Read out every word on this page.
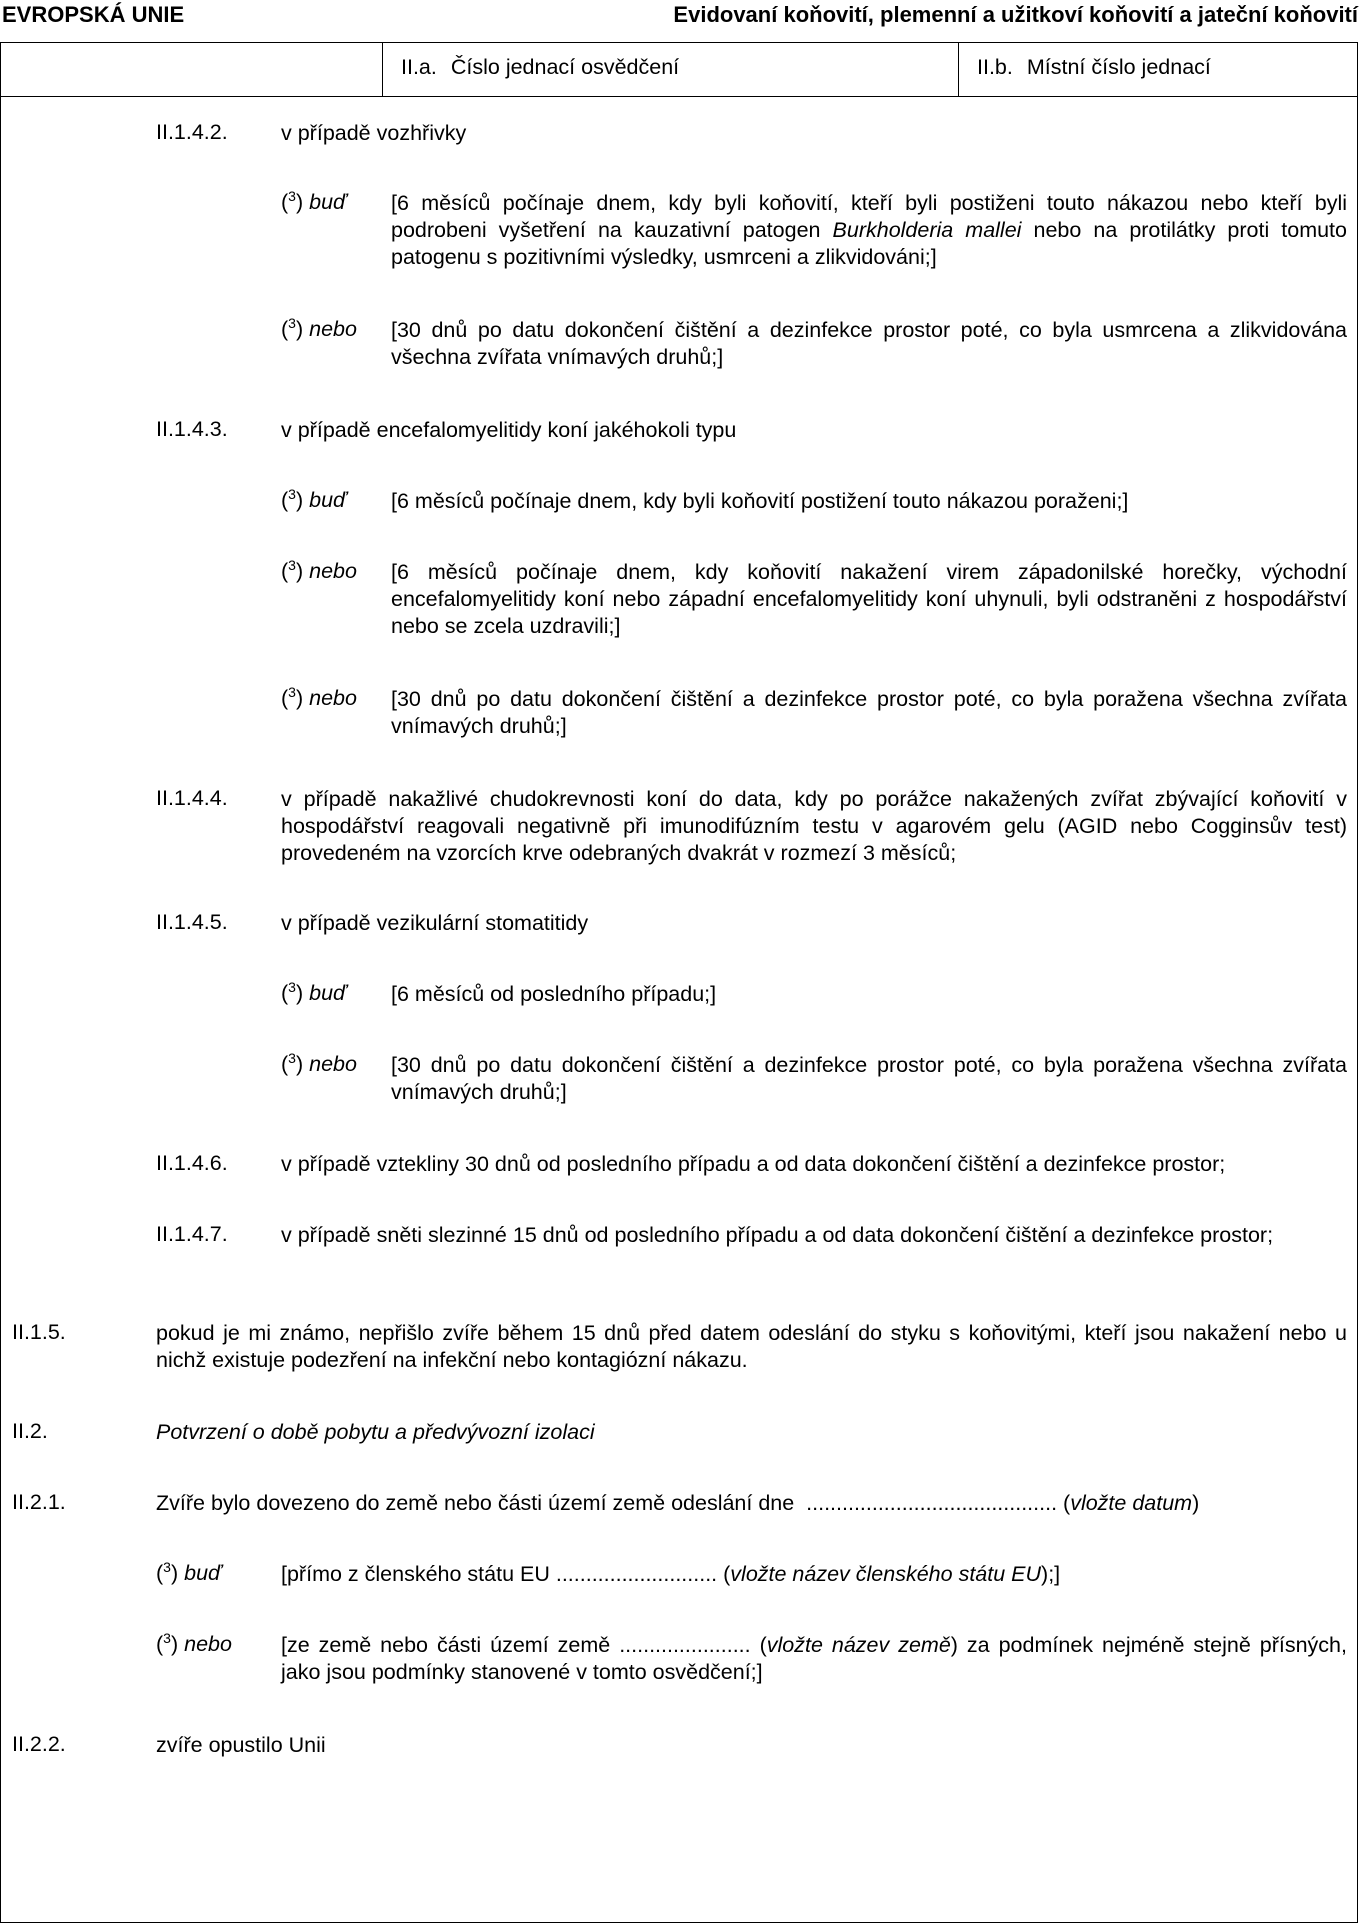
EVROPSKÁ UNIE	Evidovaní koňovití, plemenní a užitkoví koňovití a jateční koňovití
II.a. Číslo jednací osvědčení	II.b. Místní číslo jednací
II.1.4.2. v případě vozhřivky
($^3$) buď [6 měsíců počínaje dnem, kdy byli koňovití, kteří byli postiženi touto nákazou nebo kteří byli podrobeni vyšetření na kauzativní patogen Burkholderia mallei nebo na protilátky proti tomuto patogenu s pozitivními výsledky, usmrceni a zlikvidováni;]
($^3$) nebo [30 dnů po datu dokončení čištění a dezinfekce prostor poté, co byla usmrcena a zlikvidována všechna zvířata vnímavých druhů;]
II.1.4.3. v případě encefalomyelitidy koní jakéhokoli typu
($^3$) buď [6 měsíců počínaje dnem, kdy byli koňovití postižení touto nákazou poraženi;]
($^3$) nebo [6 měsíců počínaje dnem, kdy koňovití nakažení virem západonilské horečky, východní encefalomyelitidy koní nebo západní encefalomyelitidy koní uhynuli, byli odstraněni z hospodářství nebo se zcela uzdravili;]
($^3$) nebo [30 dnů po datu dokončení čištění a dezinfekce prostor poté, co byla poražena všechna zvířata vnímavých druhů;]
II.1.4.4. v případě nakažlivé chudokrevnosti koní do data, kdy po porážce nakažených zvířat zbývající koňovití v hospodářství reagovali negativně při imunodifúzním testu v agarovém gelu (AGID nebo Cogginsův test) provedeném na vzorcích krve odebraných dvakrát v rozmezí 3 měsíců;
II.1.4.5. v případě vezikulární stomatitidy
($^3$) buď [6 měsíců od posledního případu;]
($^3$) nebo [30 dnů po datu dokončení čištění a dezinfekce prostor poté, co byla poražena všechna zvířata vnímavých druhů;]
II.1.4.6. v případě vztekliny 30 dnů od posledního případu a od data dokončení čištění a dezinfekce prostor;
II.1.4.7. v případě sněti slezinné 15 dnů od posledního případu a od data dokončení čištění a dezinfekce prostor;
II.1.5.	pokud je mi známo, nepřišlo zvíře během 15 dnů před datem odeslání do styku s koňovitými, kteří jsou nakažení nebo u nichž existuje podezření na infekční nebo kontagiózní nákazu.
II.2.	Potvrzení o době pobytu a předvývozní izolaci
II.2.1.	Zvíře bylo dovezeno do země nebo části území země odeslání dne .......................................... (vložte datum)
($^3$) buď	[přímo z členského státu EU ........................... (vložte název členského státu EU);]
($^3$) nebo [ze země nebo části území země ...................... (vložte název země) za podmínek nejméně stejně přísných, jako jsou podmínky stanovené v tomto osvědčení;]
II.2.2.	zvíře opustilo Unii
